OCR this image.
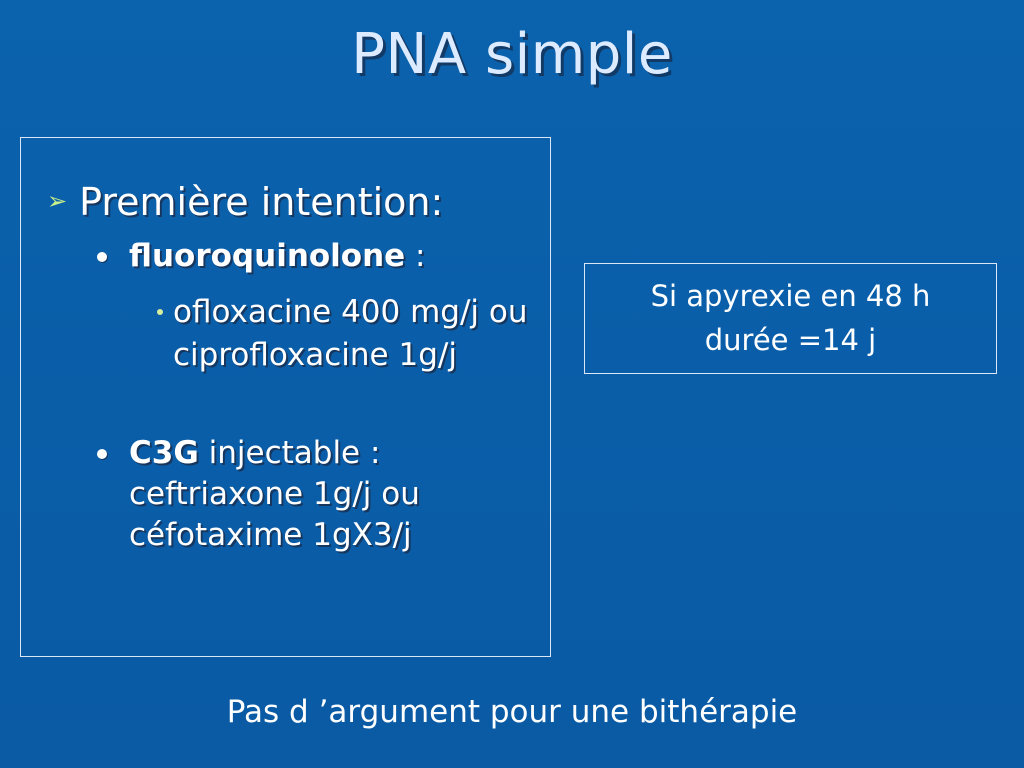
PNA simple
➢ Première intention:
fluoroquinolone :
ofloxacine 400 mg/j ou ciprofloxacine 1g/j
C3G injectable : ceftriaxone 1g/j ou céfotaxime 1gX3/j
Si apyrexie en 48 h
durée =14 j
Pas d ’argument pour une bithérapie
